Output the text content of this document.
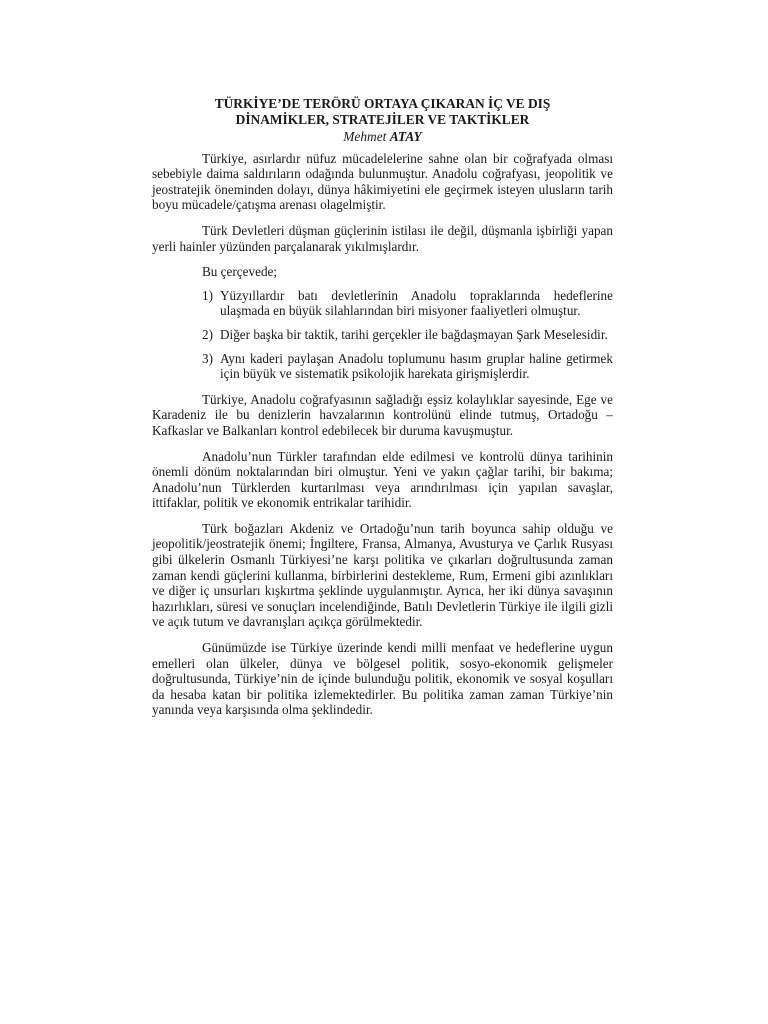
TÜRKİYE’DE TERÖRÜ ORTAYA ÇIKARAN İÇ VE DIŞ
DİNAMİKLER, STRATEJİLER VE TAKTİKLER
Mehmet ATAY

Türkiye, asırlardır nüfuz mücadelelerine sahne olan bir coğrafyada olması sebebiyle daima saldırıların odağında bulunmuştur. Anadolu coğrafyası, jeopolitik ve jeostratejik öneminden dolayı, dünya hâkimiyetini ele geçirmek isteyen ulusların tarih boyu mücadele/çatışma arenası olagelmiştir.

Türk Devletleri düşman güçlerinin istilası ile değil, düşmanla işbirliği yapan yerli hainler yüzünden parçalanarak yıkılmışlardır.

Bu çerçevede;

1) Yüzyıllardır batı devletlerinin Anadolu topraklarında hedeflerine ulaşmada en büyük silahlarından biri misyoner faaliyetleri olmuştur.
2) Diğer başka bir taktik, tarihi gerçekler ile bağdaşmayan Şark Meselesidir.
3) Aynı kaderi paylaşan Anadolu toplumunu hasım gruplar haline getirmek için büyük ve sistematik psikolojik harekata girişmişlerdir.

Türkiye, Anadolu coğrafyasının sağladığı eşsiz kolaylıklar sayesinde, Ege ve Karadeniz ile bu denizlerin havzalarının kontrolünü elinde tutmuş, Ortadoğu – Kafkaslar ve Balkanları kontrol edebilecek bir duruma kavuşmuştur.

Anadolu’nun Türkler tarafından elde edilmesi ve kontrolü dünya tarihinin önemli dönüm noktalarından biri olmuştur. Yeni ve yakın çağlar tarihi, bir bakıma; Anadolu’nun Türklerden kurtarılması veya arındırılması için yapılan savaşlar, ittifaklar, politik ve ekonomik entrikalar tarihidir.

Türk boğazları Akdeniz ve Ortadoğu’nun tarih boyunca sahip olduğu ve jeopolitik/jeostratejik önemi; İngiltere, Fransa, Almanya, Avusturya ve Çarlık Rusyası gibi ülkelerin Osmanlı Türkiyesi’ne karşı politika ve çıkarları doğrultusunda zaman zaman kendi güçlerini kullanma, birbirlerini destekleme, Rum, Ermeni gibi azınlıkları ve diğer iç unsurları kışkırtma şeklinde uygulanmıştır. Ayrıca, her iki dünya savaşının hazırlıkları, süresi ve sonuçları incelendiğinde, Batılı Devletlerin Türkiye ile ilgili gizli ve açık tutum ve davranışları açıkça görülmektedir.

Günümüzde ise Türkiye üzerinde kendi milli menfaat ve hedeflerine uygun emelleri olan ülkeler, dünya ve bölgesel politik, sosyo-ekonomik gelişmeler doğrultusunda, Türkiye’nin de içinde bulunduğu politik, ekonomik ve sosyal koşulları da hesaba katan bir politika izlemektedirler. Bu politika zaman zaman Türkiye’nin yanında veya karşısında olma şeklindedir.
